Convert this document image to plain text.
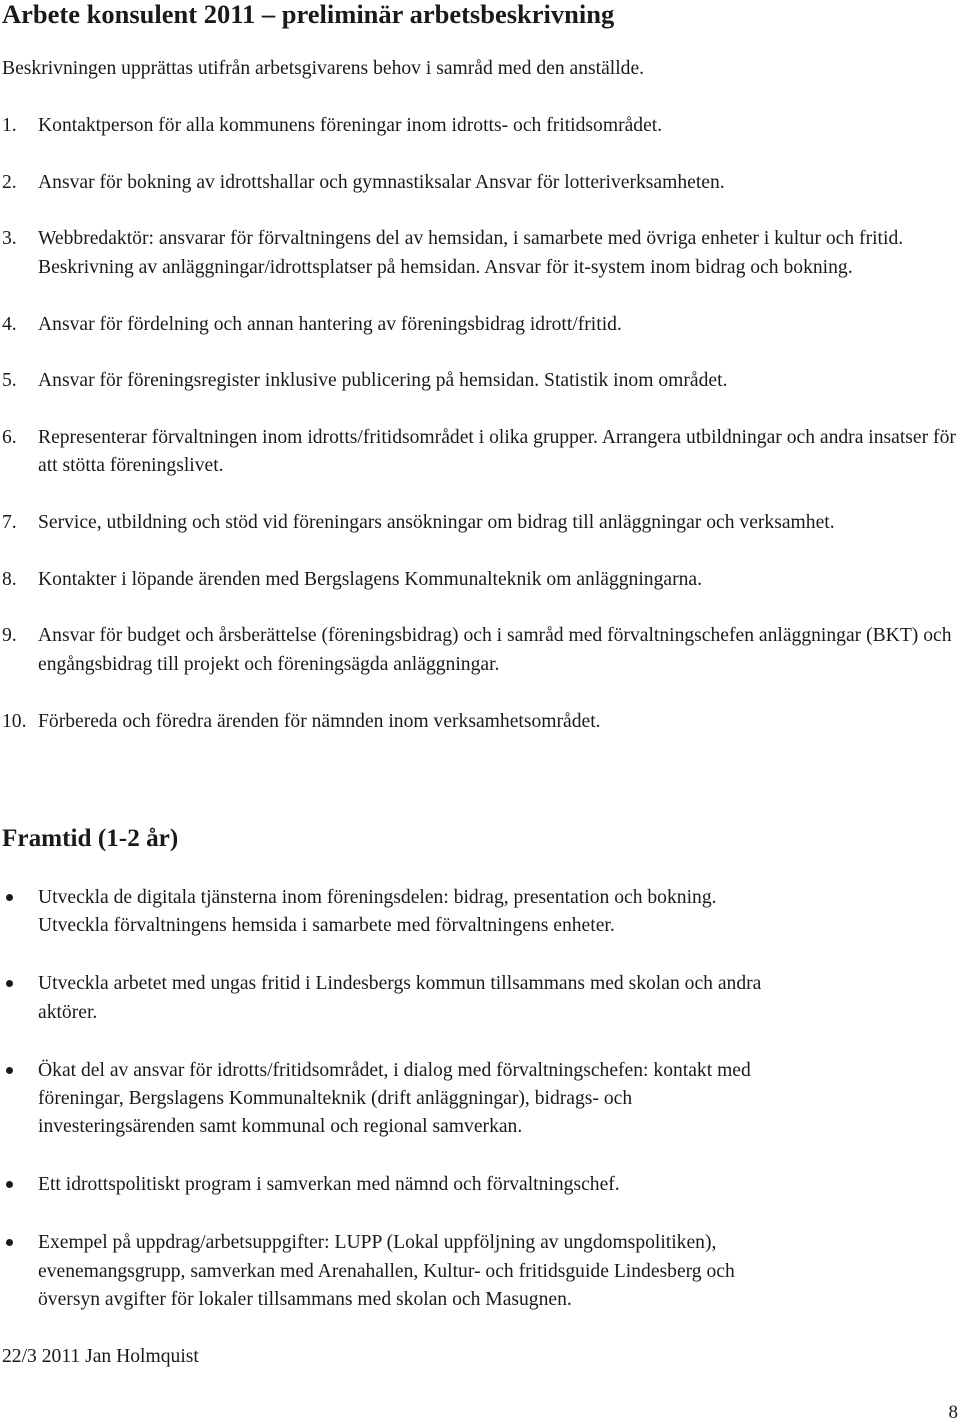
Arbete konsulent 2011 – preliminär arbetsbeskrivning

Beskrivningen upprättas utifrån arbetsgivarens behov i samråd med den anställde.

1. Kontaktperson för alla kommunens föreningar inom idrotts- och fritidsområdet.
2. Ansvar för bokning av idrottshallar och gymnastiksalar Ansvar för lotteriverksamheten.
3. Webbredaktör: ansvarar för förvaltningens del av hemsidan, i samarbete med övriga enheter i kultur och fritid. Beskrivning av anläggningar/idrottsplatser på hemsidan. Ansvar för it-system inom bidrag och bokning.
4. Ansvar för fördelning och annan hantering av föreningsbidrag idrott/fritid.
5. Ansvar för föreningsregister inklusive publicering på hemsidan. Statistik inom området.
6. Representerar förvaltningen inom idrotts/fritidsområdet i olika grupper. Arrangera utbildningar och andra insatser för att stötta föreningslivet.
7. Service, utbildning och stöd vid föreningars ansökningar om bidrag till anläggningar och verksamhet.
8. Kontakter i löpande ärenden med Bergslagens Kommunalteknik om anläggningarna.
9. Ansvar för budget och årsberättelse (föreningsbidrag) och i samråd med förvaltningschefen anläggningar (BKT) och engångsbidrag till projekt och föreningsägda anläggningar.
10. Förbereda och föredra ärenden för nämnden inom verksamhetsområdet.
Framtid (1-2 år)
Utveckla de digitala tjänsterna inom föreningsdelen: bidrag, presentation och bokning.
Utveckla förvaltningens hemsida i samarbete med förvaltningens enheter.
Utveckla arbetet med ungas fritid i Lindesbergs kommun tillsammans med skolan och andra
aktörer.
Ökat del av ansvar för idrotts/fritidsområdet, i dialog med förvaltningschefen: kontakt med
föreningar, Bergslagens Kommunalteknik (drift anläggningar), bidrags- och
investeringsärenden samt kommunal och regional samverkan.
Ett idrottspolitiskt program i samverkan med nämnd och förvaltningschef.
Exempel på uppdrag/arbetsuppgifter: LUPP (Lokal uppföljning av ungdomspolitiken),
evenemangsgrupp, samverkan med Arenahallen, Kultur- och fritidsguide Lindesberg och
översyn avgifter för lokaler tillsammans med skolan och Masugnen.

22/3 2011 Jan Holmquist

8
